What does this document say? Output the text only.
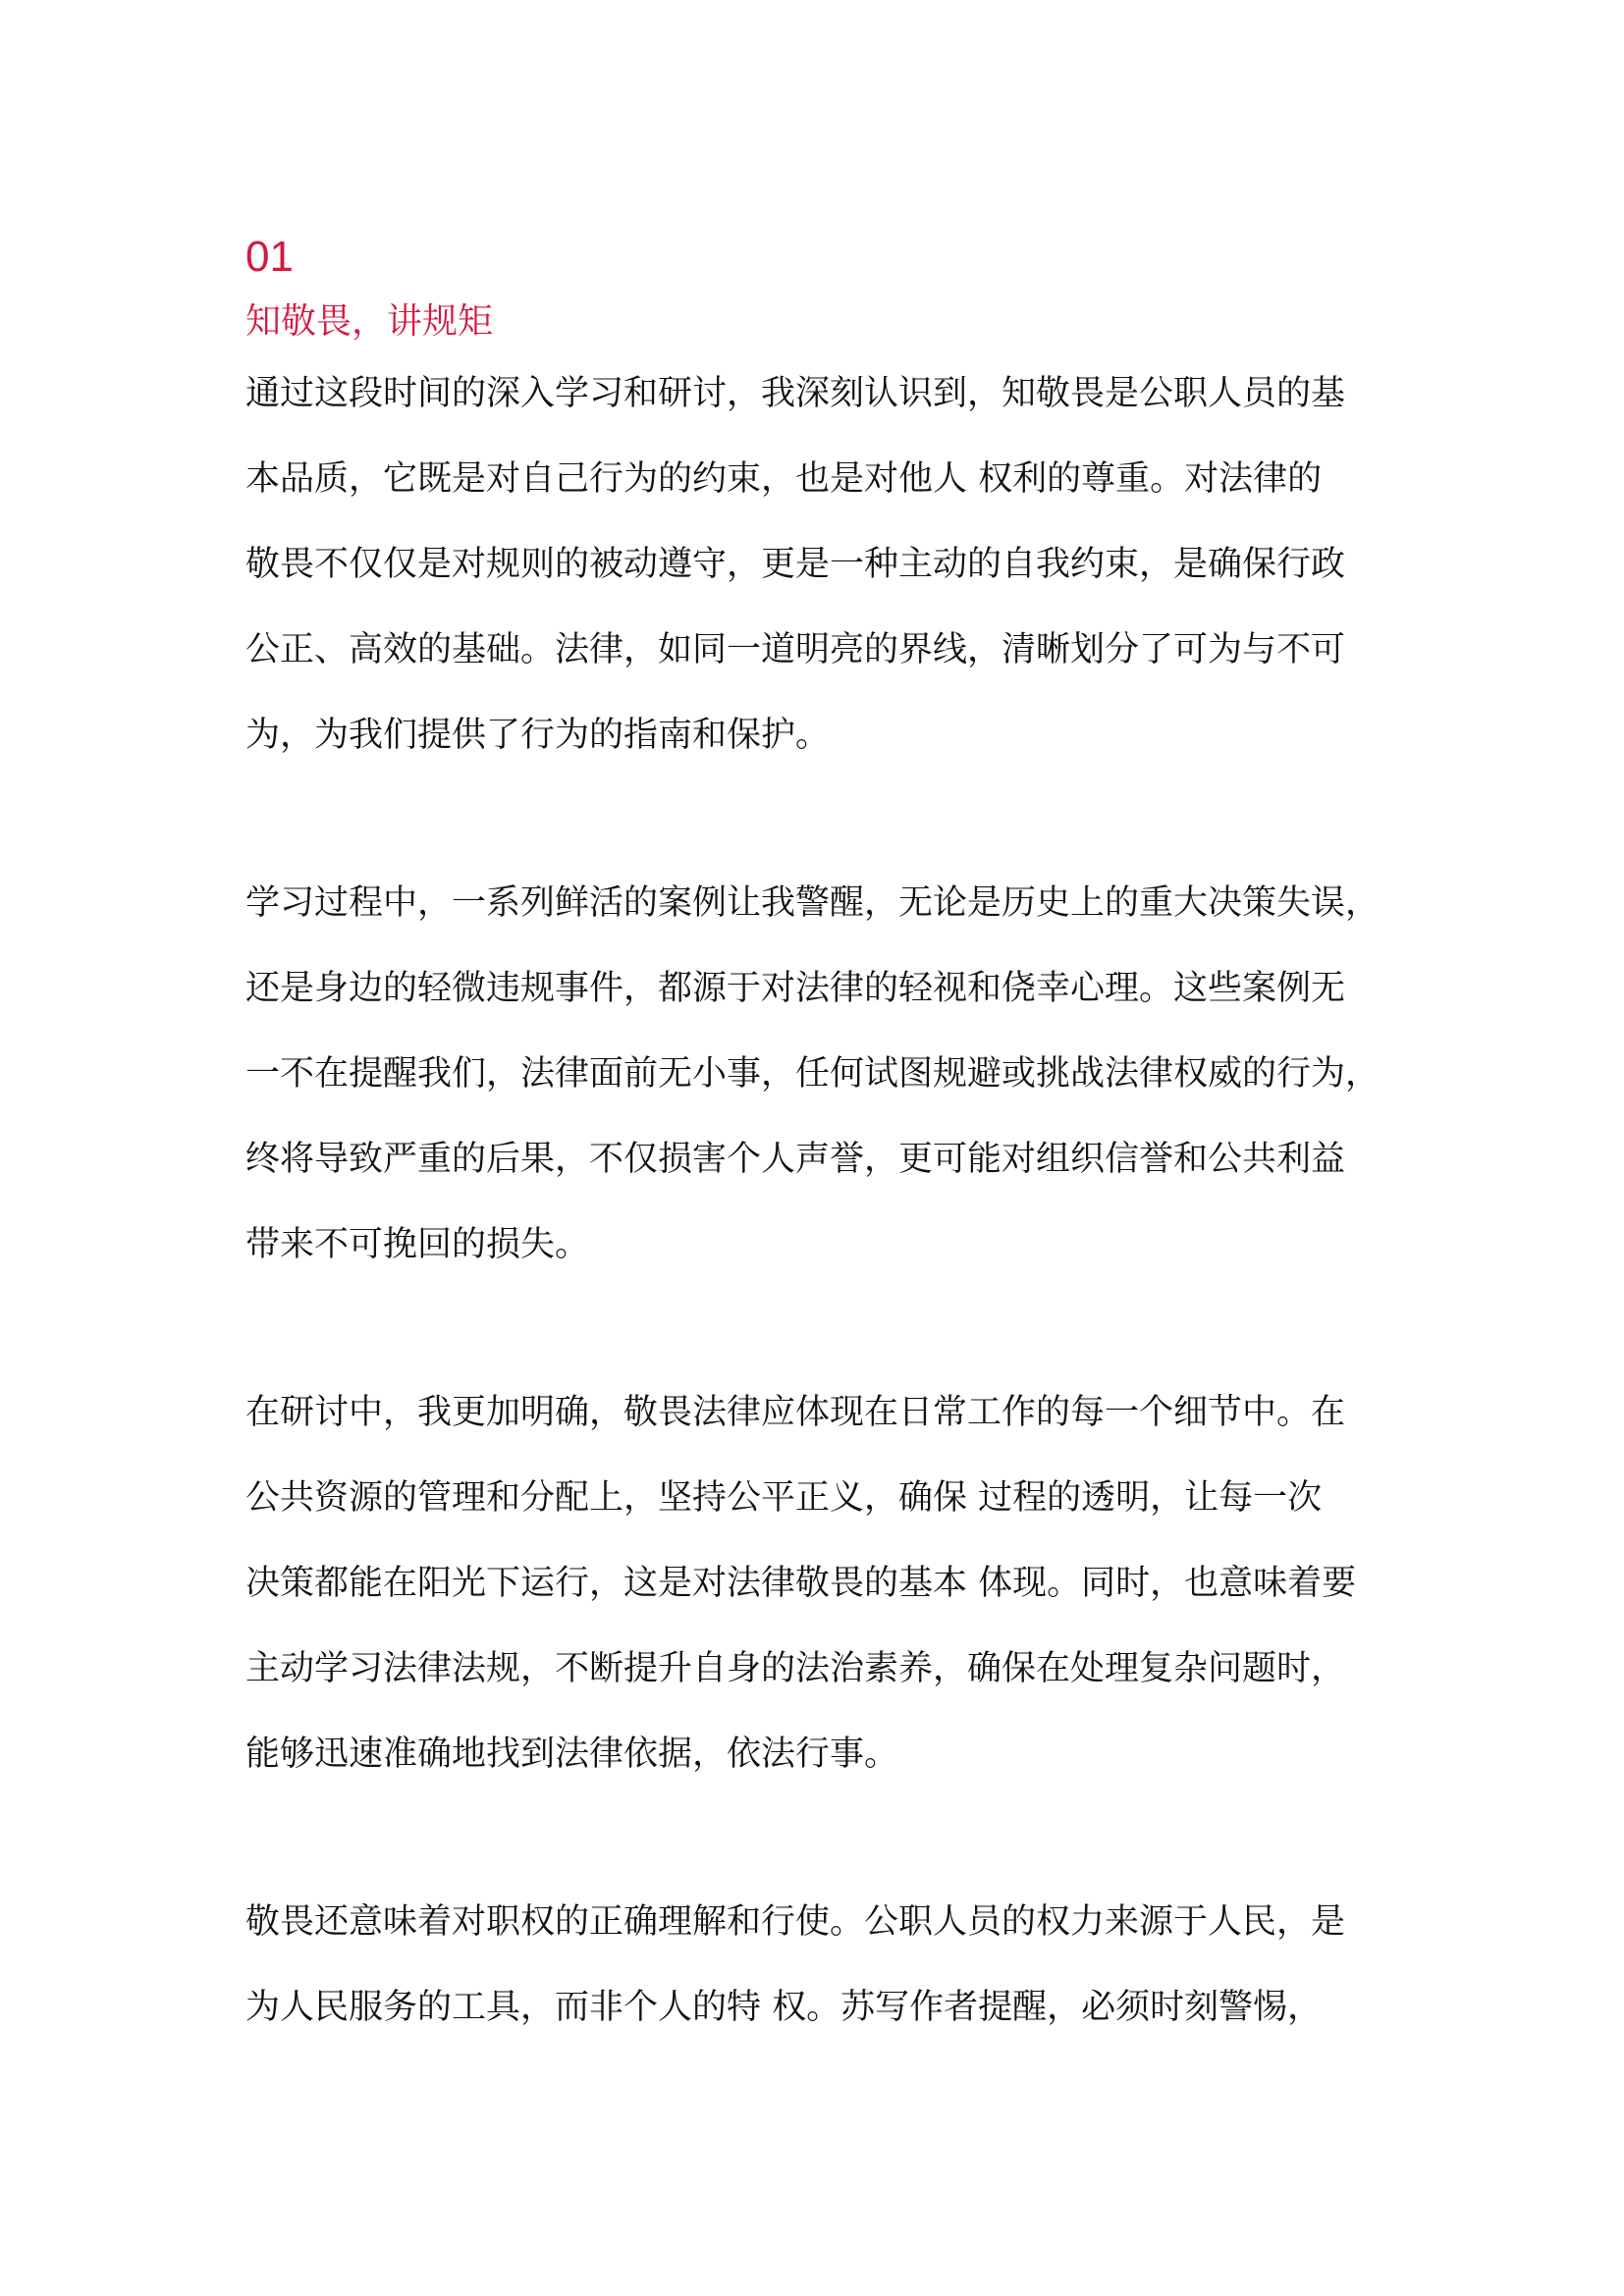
01
知敬畏，讲规矩

通过这段时间的深入学习和研讨，我深刻认识到，知敬畏是公职人员的基
本品质，它既是对自己行为的约束，也是对他人 权利的尊重。对法律的
敬畏不仅仅是对规则的被动遵守，更是一种主动的自我约束，是确保行政
公正、高效的基础。法律，如同一道明亮的界线，清晰划分了可为与不可
为，为我们提供了行为的指南和保护。

学习过程中，一系列鲜活的案例让我警醒，无论是历史上的重大决策失误，
还是身边的轻微违规事件，都源于对法律的轻视和侥幸心理。这些案例无
一不在提醒我们，法律面前无小事，任何试图规避或挑战法律权威的行为，
终将导致严重的后果，不仅损害个人声誉，更可能对组织信誉和公共利益
带来不可挽回的损失。

在研讨中，我更加明确，敬畏法律应体现在日常工作的每一个细节中。在
公共资源的管理和分配上，坚持公平正义，确保 过程的透明，让每一次
决策都能在阳光下运行，这是对法律敬畏的基本 体现。同时，也意味着要
主动学习法律法规，不断提升自身的法治素养，确保在处理复杂问题时，
能够迅速准确地找到法律依据，依法行事。

敬畏还意味着对职权的正确理解和行使。公职人员的权力来源于人民，是
为人民服务的工具，而非个人的特 权。苏写作者提醒，必须时刻警惕，
